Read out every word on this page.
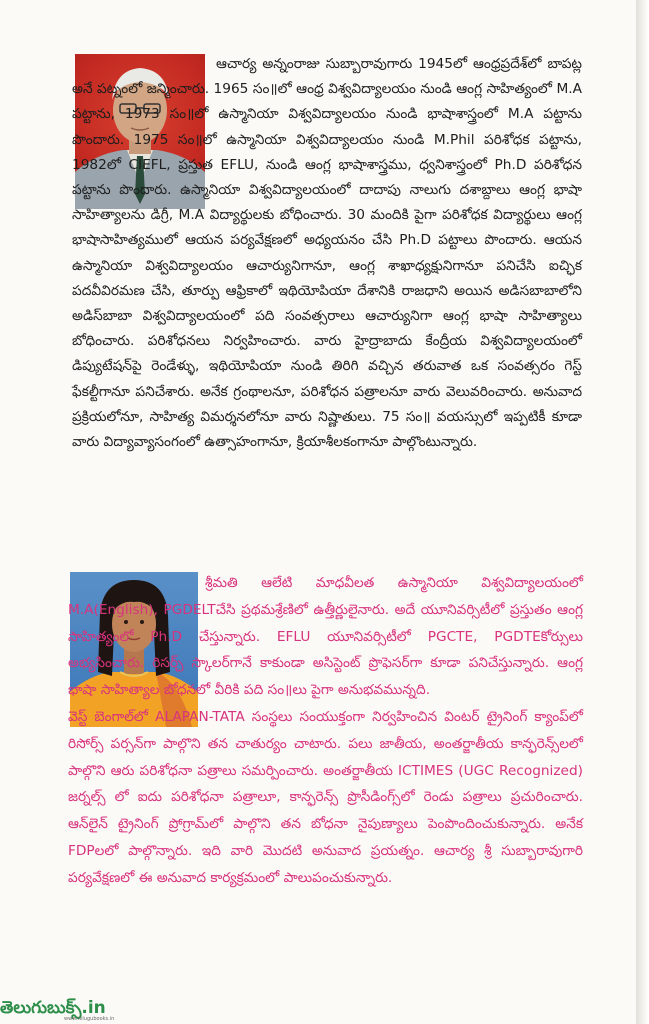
ఆచార్య అన్నంరాజు సుబ్బారావుగారు 1945లో ఆంధ్రప్రదేశ్‌లో బాపట్ల అనే పట్నంలో జన్మించారు. 1965 సం॥లో ఆంధ్ర విశ్వవిద్యాలయం నుండి ఆంగ్ల సాహిత్యంలో M.A పట్టాను, 1973 సం॥లో ఉస్మానియా విశ్వవిద్యాలయం నుండి భాషాశాస్త్రంలో M.A పట్టాను పొందారు. 1975 సం॥లో ఉస్మానియా విశ్వవిద్యాలయం నుండి M.Phil పరిశోధక పట్టాను, 1982లో CIEFL, ప్రస్తుత EFLU, నుండి ఆంగ్ల భాషాశాస్త్రము, ధ్వనిశాస్త్రంలో Ph.D పరిశోధన పట్టాను పొందారు. ఉస్మానియా విశ్వవిద్యాలయంలో దాదాపు నాలుగు దశాబ్దాలు ఆంగ్ల భాషా సాహిత్యాలను డిగ్రీ, M.A విద్యార్థులకు బోధించారు. 30 మందికి పైగా పరిశోధక విద్యార్థులు ఆంగ్ల భాషాసాహిత్యములో ఆయన పర్యవేక్షణలో అధ్యయనం చేసి Ph.D పట్టాలు పొందారు. ఆయన ఉస్మానియా విశ్వవిద్యాలయం ఆచార్యునిగానూ, ఆంగ్ల శాఖాధ్యక్షునిగానూ పనిచేసి ఐచ్ఛిక పదవీవిరమణ చేసి, తూర్పు ఆఫ్రికాలో ఇథియోపియా దేశానికి రాజధాని అయిన అడిసబాబాలోని అడిస్‌బాబా విశ్వవిద్యాలయంలో పది సంవత్సరాలు ఆచార్యునిగా ఆంగ్ల భాషా సాహిత్యాలు బోధించారు. పరిశోధనలు నిర్వహించారు. వారు హైద్రాబాదు కేంద్రీయ విశ్వవిద్యాలయంలో డిప్యుటేషన్‌పై రెండేళ్ళు, ఇథియోపియా నుండి తిరిగి వచ్చిన తరువాత ఒక సంవత్సరం గెస్ట్ ఫేకల్టీగానూ పనిచేశారు. అనేక గ్రంథాలనూ, పరిశోధన పత్రాలనూ వారు వెలువరించారు. అనువాద ప్రక్రియలోనూ, సాహిత్య విమర్శనలోనూ వారు నిష్ణాతులు. 75 సం॥ వయస్సులో ఇప్పటికీ కూడా వారు విద్యావ్యాసంగంలో ఉత్సాహంగానూ, క్రియాశీలకంగానూ పాల్గొంటున్నారు.

శ్రీమతి ఆలేటి మాధవీలత ఉస్మానియా విశ్వవిద్యాలయంలో M.A(English), PGDELTచేసి ప్రథమశ్రేణిలో ఉత్తీర్ణులైనారు. అదే యూనివర్సిటీలో ప్రస్తుతం ఆంగ్ల సాహిత్యంలో Ph.D చేస్తున్నారు. EFLU యూనివర్సిటీలో PGCTE, PGDTEకోర్సులు అభ్యసించారు. రిసర్చ్ స్కాలర్‌గానే కాకుండా అసిస్టెంట్ ప్రొఫెసర్‌గా కూడా పనిచేస్తున్నారు. ఆంగ్ల భాషా సాహిత్యాల బోధనలో వీరికి పది సం॥లు పైగా అనుభవమున్నది.
వెస్ట్ బెంగాల్‌లో ALAPAN-TATA సంస్థలు సంయుక్తంగా నిర్వహించిన వింటర్ ట్రైనింగ్ క్యాంప్‌లో రిసోర్స్ పర్సన్‌గా పాల్గొని తన చాతుర్యం చాటారు. పలు జాతీయ, అంతర్జాతీయ కాన్ఫరెన్స్‌లలో పాల్గొని ఆరు పరిశోధనా పత్రాలు సమర్పించారు. అంతర్జాతీయ ICTIMES (UGC Recognized) జర్నల్స్ లో ఐదు పరిశోధనా పత్రాలూ, కాన్ఫరెన్స్ ప్రొసీడింగ్స్‌లో రెండు పత్రాలు ప్రచురించారు. ఆన్‌లైన్ ట్రైనింగ్ ప్రోగ్రామ్‌లో పాల్గొని తన బోధనా నైపుణ్యాలు పెంపొందించుకున్నారు. అనేక FDPలలో పాల్గొన్నారు. ఇది వారి మొదటి అనువాద ప్రయత్నం. ఆచార్య శ్రీ సుబ్బారావుగారి పర్యవేక్షణలో ఈ అనువాద కార్యక్రమంలో పాలుపంచుకున్నారు.

తెలుగుబుక్స్.in
www.telugubooks.in
